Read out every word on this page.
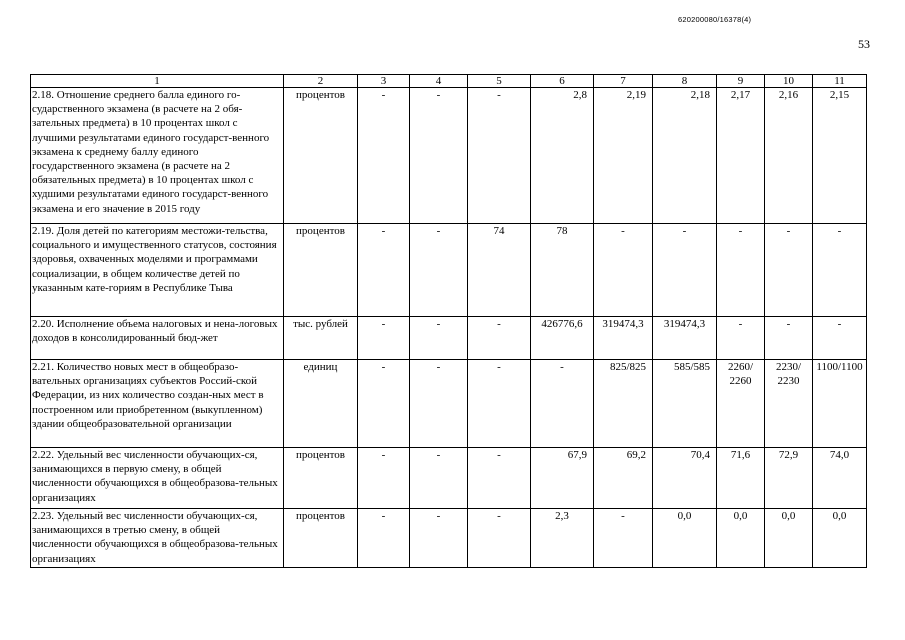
620200080/16378(4)
53
1	2	3	4	5	6	7	8	9	10	11
2.18. Отношение среднего балла единого го-сударственного экзамена (в расчете на 2 обя-зательных предмета) в 10 процентах школ с лучшими результатами единого государст-венного экзамена к среднему баллу единого государственного экзамена (в расчете на 2 обязательных предмета) в 10 процентах школ с худшими результатами единого государст-венного экзамена и его значение в 2015 году	процентов	-	-	-	2,8	2,19	2,18	2,17	2,16	2,15
2.19. Доля детей по категориям местожи-тельства, социального и имущественного статусов, состояния здоровья, охваченных моделями и программами социализации, в общем количестве детей по указанным кате-гориям в Республике Тыва	процентов	-	-	74	78	-	-	-	-	-
2.20. Исполнение объема налоговых и нена-логовых доходов в консолидированный бюд-жет	тыс. рублей	-	-	-	426776,6	319474,3	319474,3	-	-	-
2.21. Количество новых мест в общеобразо-вательных организациях субъектов Россий-ской Федерации, из них количество создан-ных мест в построенном или приобретенном (выкупленном) здании общеобразовательной организации	единиц	-	-	-	-	825/825	585/585	2260/ 2260	2230/ 2230	1100/1100
2.22. Удельный вес численности обучающих-ся, занимающихся в первую смену, в общей численности обучающихся в общеобразова-тельных организациях	процентов	-	-	-	67,9	69,2	70,4	71,6	72,9	74,0
2.23. Удельный вес численности обучающих-ся, занимающихся в третью смену, в общей численности обучающихся в общеобразова-тельных организациях	процентов	-	-	-	2,3	-	0,0	0,0	0,0	0,0
